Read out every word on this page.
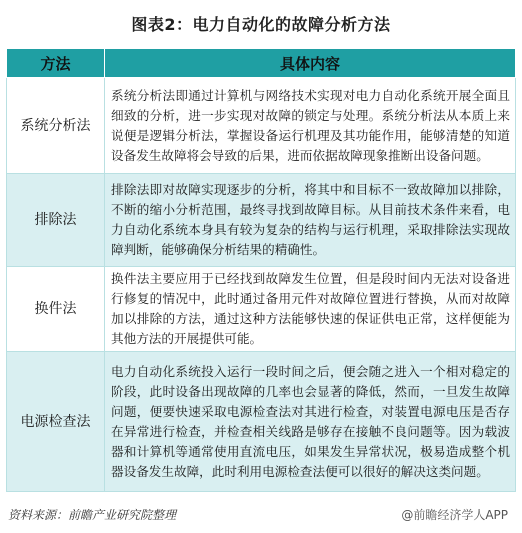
图表2：电力自动化的故障分析方法
方法	具体内容
系统分析法	系统分析法即通过计算机与网络技术实现对电力自动化系统开展全面且细致的分析，进一步实现对故障的锁定与处理。系统分析法从本质上来说便是逻辑分析法，掌握设备运行机理及其功能作用，能够清楚的知道设备发生故障将会导致的后果，进而依据故障现象推断出设备问题。
排除法	排除法即对故障实现逐步的分析，将其中和目标不一致故障加以排除，不断的缩小分析范围，最终寻找到故障目标。从目前技术条件来看，电力自动化系统本身具有较为复杂的结构与运行机理，采取排除法实现故障判断，能够确保分析结果的精确性。
换件法	换件法主要应用于已经找到故障发生位置，但是段时间内无法对设备进行修复的情况中，此时通过备用元件对故障位置进行替换，从而对故障加以排除的方法，通过这种方法能够快速的保证供电正常，这样便能为其他方法的开展提供可能。
电源检查法	电力自动化系统投入运行一段时间之后，便会随之进入一个相对稳定的阶段，此时设备出现故障的几率也会显著的降低，然而，一旦发生故障问题，便要快速采取电源检查法对其进行检查，对装置电源电压是否存在异常进行检查，并检查相关线路是够存在接触不良问题等。因为载波器和计算机等通常使用直流电压，如果发生异常状况，极易造成整个机器设备发生故障，此时利用电源检查法便可以很好的解决这类问题。
资料来源：前瞻产业研究院整理	@前瞻经济学人APP
